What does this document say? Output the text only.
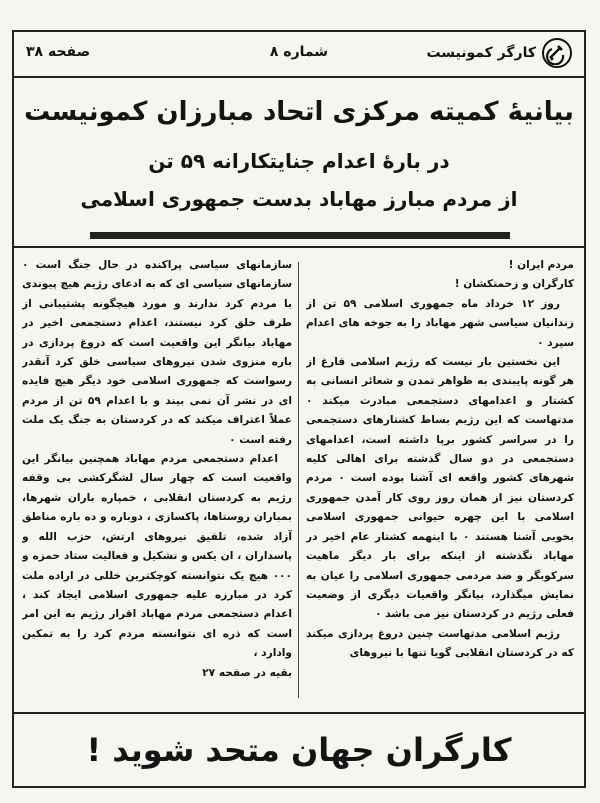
کارگر کمونیست
شماره ۸
صفحه ۳۸
بیانیهٔ کمیته مرکزی اتحاد مبارزان کمونیست
در بارهٔ اعدام جنایتکارانه ۵۹ تن
از مردم مبارز مهاباد بدست جمهوری اسلامی

مردم ایران !

کارگران و زحمتکشان !

روز ۱۲ خرداد ماه جمهوری اسلامی ۵۹ تن از زندانیان سیاسی شهر مهاباد را به جوخه های اعدام سپرد ۰

این نخستین بار نیست که رژیم اسلامی فارغ از هر گونه پایبندی به ظواهر تمدن و شعائر انسانی به کشتار و اعدامهای دستجمعی مبادرت میکند ۰ مدتهاست که این رژیم بساط کشتارهای دستجمعی را در سراسر کشور برپا داشته است، اعدامهای دستجمعی در دو سال گذشته برای اهالی کلیه شهرهای کشور واقعه ای آشنا بوده است ۰ مردم کردستان نیز از همان روز روی کار آمدن جمهوری اسلامی با این چهره حیوانی جمهوری اسلامی بخوبی آشنا هستند ۰ با اینهمه کشتار عام اخیر در مهاباد نگذشته از اینکه برای بار دیگر ماهیت سرکوبگر و ضد مردمی جمهوری اسلامی را عیان به نمایش میگذارد، بیانگر واقعیات دیگری از وضعیت فعلی رژیم در کردستان نیز می باشد ۰

رژیم اسلامی مدتهاست چنین دروغ پردازی میکند که در کردستان انقلابی گویا تنها با نیروهای

سازمانهای سیاسی پراکنده در حال جنگ است ۰ سازمانهای سیاسی ای که به ادعای رژیم هیچ پیوندی با مردم کرد ندارند و مورد هیچگونه پشتیبانی از طرف خلق کرد نیستند، اعدام دستجمعی اخیر در مهاباد بیانگر این واقعیت است که دروغ پردازی در باره منزوی شدن نیروهای سیاسی خلق کرد آنقدر رسواست که جمهوری اسلامی خود دیگر هیچ فایده ای در نشر آن نمی بیند و با اعدام ۵۹ تن از مردم عملاً اعتراف میکند که در کردستان به جنگ یک ملت رفته است ۰

اعدام دستجمعی مردم مهاباد همچنین بیانگر این واقعیت است که چهار سال لشگرکشی بی وقفه رژیم به کردستان انقلابی ، خمپاره باران شهرها، بمباران روستاها، پاکسازی ، دوباره و ده باره مناطق آزاد شده، تلفیق نیروهای ارتش، حزب الله و پاسداران ، ان یکس و تشکیل و فعالیت ستاد حمزه و ۰۰۰ هیچ یک نتوانسته کوچکترین خللی در اراده ملت کرد در مبارزه علیه جمهوری اسلامی ایجاد کند ، اعدام دستجمعی مردم مهاباد اقرار رژیم به این امر است که ذره ای نتوانسته مردم کرد را به تمکین وادارد ،

بقیه در صفحه ۲۷

کارگران جهان متحد شوید !
